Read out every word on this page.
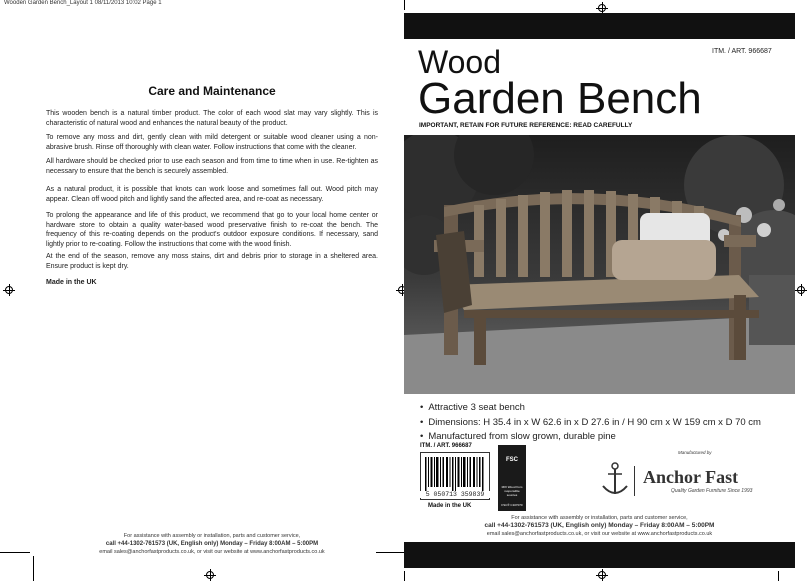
Wooden Garden Bench_Layout 1 08/11/2013 10:02 Page 1
Care and Maintenance
This wooden bench is a natural timber product. The color of each wood slat may vary slightly. This is characteristic of natural wood and enhances the natural beauty of the product.
To remove any moss and dirt, gently clean with mild detergent or suitable wood cleaner using a non-abrasive brush. Rinse off thoroughly with clean water. Follow instructions that come with the cleaner.
All hardware should be checked prior to use each season and from time to time when in use. Re-tighten as necessary to ensure that the bench is securely assembled.
As a natural product, it is possible that knots can work loose and sometimes fall out. Wood pitch may appear. Clean off wood pitch and lightly sand the affected area, and re-coat as necessary.
To prolong the appearance and life of this product, we recommend that go to your local home center or hardware store to obtain a quality water-based wood preservative finish to re-coat the bench. The frequency of this re-coating depends on the product's outdoor exposure conditions. If necessary, sand lightly prior to re-coating. Follow the instructions that come with the wood finish.
At the end of the season, remove any moss stains, dirt and debris prior to storage in a sheltered area. Ensure product is kept dry.
Made in the UK
For assistance with assembly or installation, parts and customer service,
call +44-1302-761573 (UK, English only) Monday – Friday 8:00AM – 5:00PM
email sales@anchorfastproducts.co.uk, or visit our website at www.anchorfastproducts.co.uk
ITM. / ART. 966687
Wood
Garden Bench
IMPORTANT, RETAIN FOR FUTURE REFERENCE: READ CAREFULLY
• Attractive 3 seat bench
• Dimensions: H 35.4 in x W 62.6 in x D 27.6 in / H 90 cm x W 159 cm x D 70 cm
• Manufactured from slow grown, durable pine
ITM. / ART. 966687
5 050713 359839
Made in the UK
FSC
MIX Wood from responsible sources
FSC® C107070
Manufactured by
Anchor Fast
Quality Garden Furniture Since 1993
For assistance with assembly or installation, parts and customer service,
call +44-1302-761573 (UK, English only) Monday – Friday 8:00AM – 5:00PM
email sales@anchorfastproducts.co.uk, or visit our website at www.anchorfastproducts.co.uk
